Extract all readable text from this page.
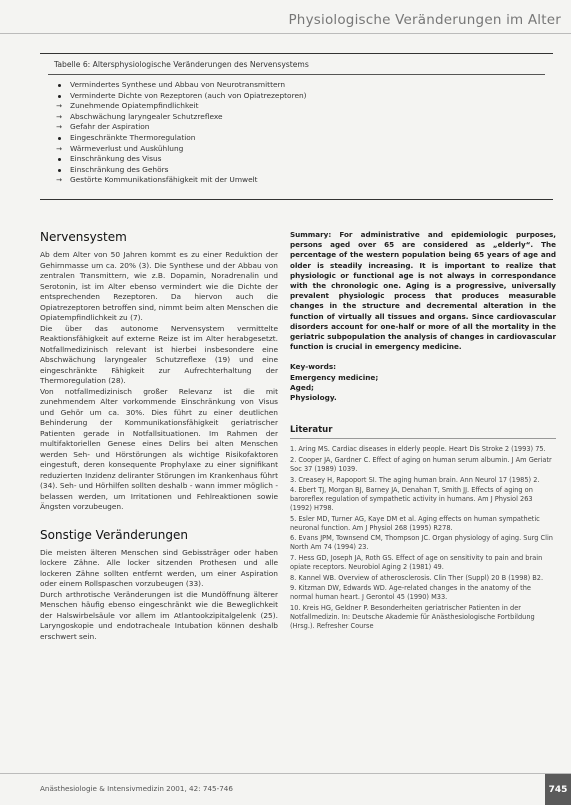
Physiologische Veränderungen im Alter
Tabelle 6: Altersphysiologische Veränderungen des Nervensystems
Vermindertes Synthese und Abbau von Neurotransmittern
Verminderte Dichte von Rezeptoren (auch von Opiatrezeptoren)
→ Zunehmende Opiatempfindlichkeit
→ Abschwächung laryngealer Schutzreflexe
→ Gefahr der Aspiration
Eingeschränkte Thermoregulation
→ Wärmeverlust und Auskühlung
Einschränkung des Visus
Einschränkung des Gehörs
→ Gestörte Kommunikationsfähigkeit mit der Umwelt
Nervensystem

Ab dem Alter von 50 Jahren kommt es zu einer Reduktion der Gehirnmasse um ca. 20% (3). Die Synthese und der Abbau von zentralen Transmittern, wie z.B. Dopamin, Noradrenalin und Serotonin, ist im Alter ebenso vermindert wie die Dichte der entsprechenden Rezeptoren. Da hiervon auch die Opiatrezeptoren betroffen sind, nimmt beim alten Menschen die Opiatempfindlichkeit zu (7).

Die über das autonome Nervensystem vermittelte Reaktionsfähigkeit auf externe Reize ist im Alter herabgesetzt. Notfallmedizinisch relevant ist hierbei insbesondere eine Abschwächung laryngealer Schutzreflexe (19) und eine eingeschränkte Fähigkeit zur Aufrechterhaltung der Thermoregulation (28).

Von notfallmedizinisch großer Relevanz ist die mit zunehmendem Alter vorkommende Einschränkung von Visus und Gehör um ca. 30%. Dies führt zu einer deutlichen Behinderung der Kommunikationsfähigkeit geriatrischer Patienten gerade in Notfallsituationen. Im Rahmen der multifaktoriellen Genese eines Delirs bei alten Menschen werden Seh- und Hörstörungen als wichtige Risikofaktoren eingestuft, deren konsequente Prophylaxe zu einer signifikant reduzierten Inzidenz deliranter Störungen im Krankenhaus führt (34). Seh- und Hörhilfen sollten deshalb - wann immer möglich - belassen werden, um Irritationen und Fehlreaktionen sowie Ängsten vorzubeugen.

Sonstige Veränderungen

Die meisten älteren Menschen sind Gebissträger oder haben lockere Zähne. Alle locker sitzenden Prothesen und alle lockeren Zähne sollten entfernt werden, um einer Aspiration oder einem Rollspaschen vorzubeugen (33).

Durch arthrotische Veränderungen ist die Mundöffnung älterer Menschen häufig ebenso eingeschränkt wie die Beweglichkeit der Halswirbelsäule vor allem im Atlantookzipitalgelenk (25). Laryngoskopie und endotracheale Intubation können deshalb erschwert sein.

Summary: For administrative and epidemiologic purposes, persons aged over 65 are considered as „elderly“. The percentage of the western population being 65 years of age and older is steadily increasing. It is important to realize that physiologic or functional age is not always in correspondance with the chronologic one. Aging is a progressive, universally prevalent physiologic process that produces measurable changes in the structure and decremental alteration in the function of virtually all tissues and organs. Since cardiovascular disorders account for one-half or more of all the mortality in the geriatric subpopulation the analysis of changes in cardiovascular function is crucial in emergency medicine.

Key-words:
Emergency medicine;
Aged;
Physiology.
Literatur
1. Aring MS. Cardiac diseases in elderly people. Heart Dis Stroke 2 (1993) 75.
2. Cooper JA, Gardner C. Effect of aging on human serum albumin. J Am Geriatr Soc 37 (1989) 1039.
3. Creasey H, Rapoport SI. The aging human brain. Ann Neurol 17 (1985) 2.
4. Ebert TJ, Morgan BJ, Barney JA, Denahan T, Smith JJ. Effects of aging on baroreflex regulation of sympathetic activity in humans. Am J Physiol 263 (1992) H798.
5. Esler MD, Turner AG, Kaye DM et al. Aging effects on human sympathetic neuronal function. Am J Physiol 268 (1995) R278.
6. Evans JPM, Townsend CM, Thompson JC. Organ physiology of aging. Surg Clin North Am 74 (1994) 23.
7. Hess GD, Joseph JA, Roth GS. Effect of age on sensitivity to pain and brain opiate receptors. Neurobiol Aging 2 (1981) 49.
8. Kannel WB. Overview of atherosclerosis. Clin Ther (Suppl) 20 B (1998) B2.
9. Kitzman DW, Edwards WD. Age-related changes in the anatomy of the normal human heart. J Gerontol 45 (1990) M33.
10. Kreis HG, Geldner P. Besonderheiten geriatrischer Patienten in der Notfallmedizin. In: Deutsche Akademie für Anästhesiologische Fortbildung (Hrsg.). Refresher Course
Anästhesiologie & Intensivmedizin 2001, 42: 745-746	745
